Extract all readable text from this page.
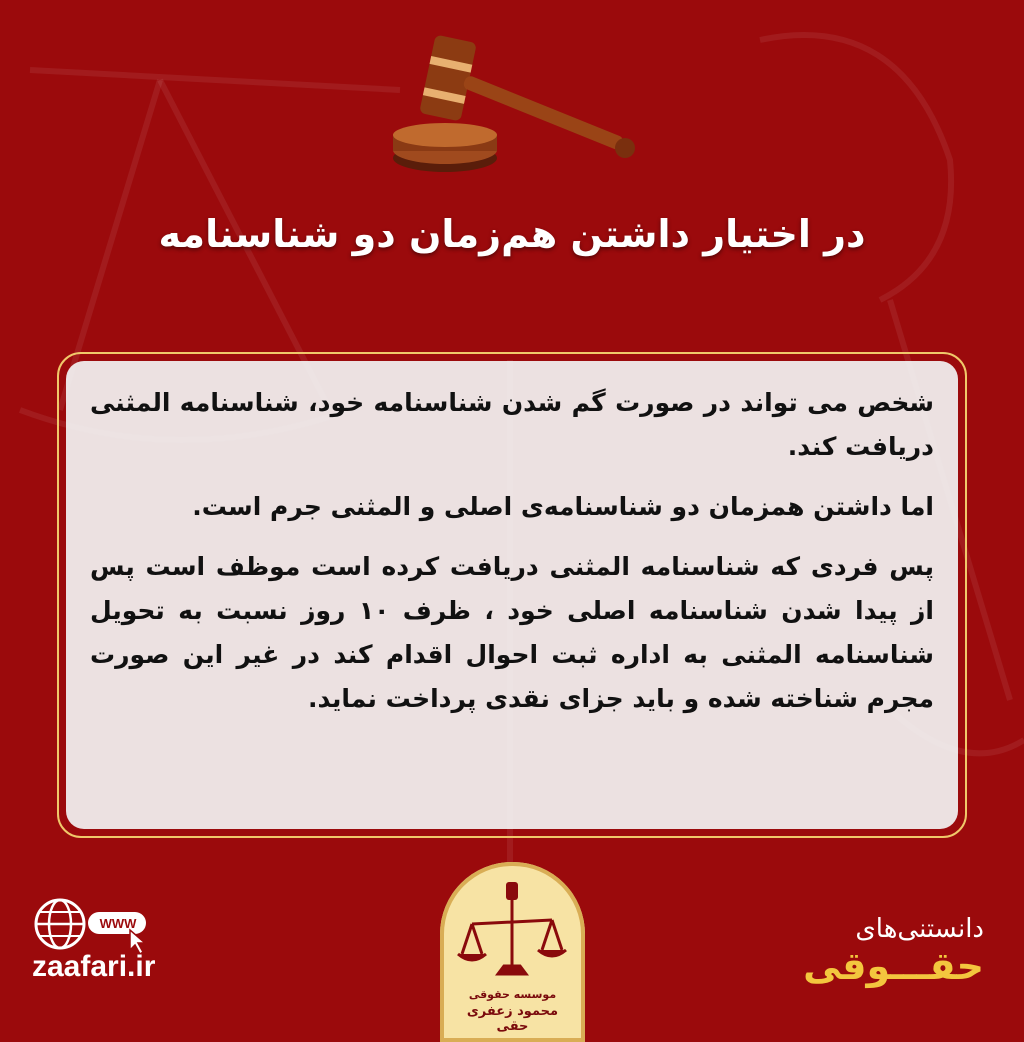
در اختیار داشتن هم‌زمان دو شناسنامه

شخص می تواند در صورت گم شدن شناسنامه خود، شناسنامه المثنی دریافت کند.

اما داشتن همزمان دو شناسنامه‌ی اصلی و المثنی جرم است.

پس فردی که شناسنامه المثنی دریافت کرده است موظف است پس از پیدا شدن شناسنامه اصلی خود ، ظرف ۱۰ روز نسبت به تحویل شناسنامه المثنی به اداره ثبت احوال اقدام کند در غیر این صورت مجرم شناخته شده و باید جزای نقدی پرداخت نماید.

WWW
zaafari.ir
موسسه حقوقی
محمود زعفری حقی
دانستنی‌های
حقـــوقی
